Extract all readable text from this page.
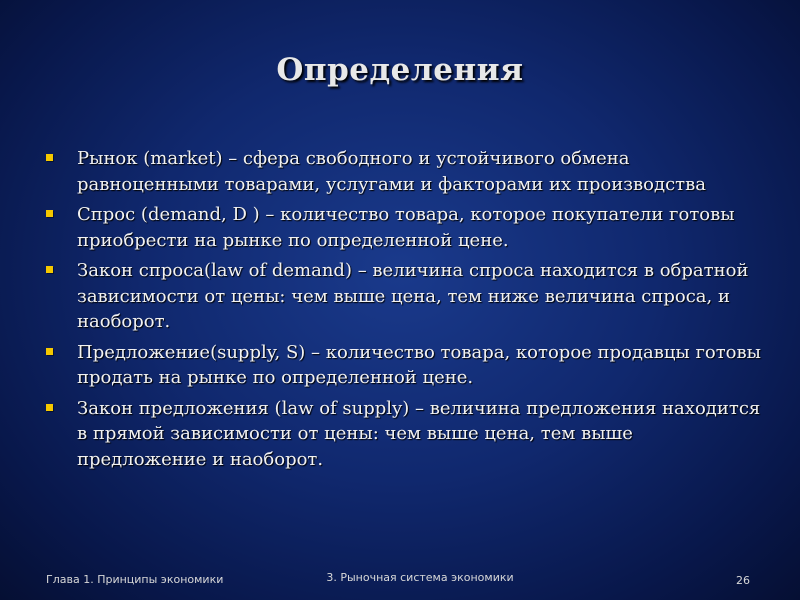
Определения
Рынок (market) – сфера свободного и устойчивого обмена равноценными товарами, услугами и факторами их производства
Спрос (demand, D ) – количество товара, которое покупатели готовы приобрести на рынке по определенной цене.
Закон спроса(law of demand) – величина спроса находится в обратной зависимости от цены: чем выше цена, тем ниже величина спроса, и наоборот.
Предложение(supply, S) – количество товара, которое продавцы готовы продать на рынке по определенной цене.
Закон предложения (law of supply) – величина предложения находится в прямой зависимости от цены: чем выше цена, тем выше предложение и наоборот.
Глава 1. Принципы экономики	3. Рыночная система экономики	26
